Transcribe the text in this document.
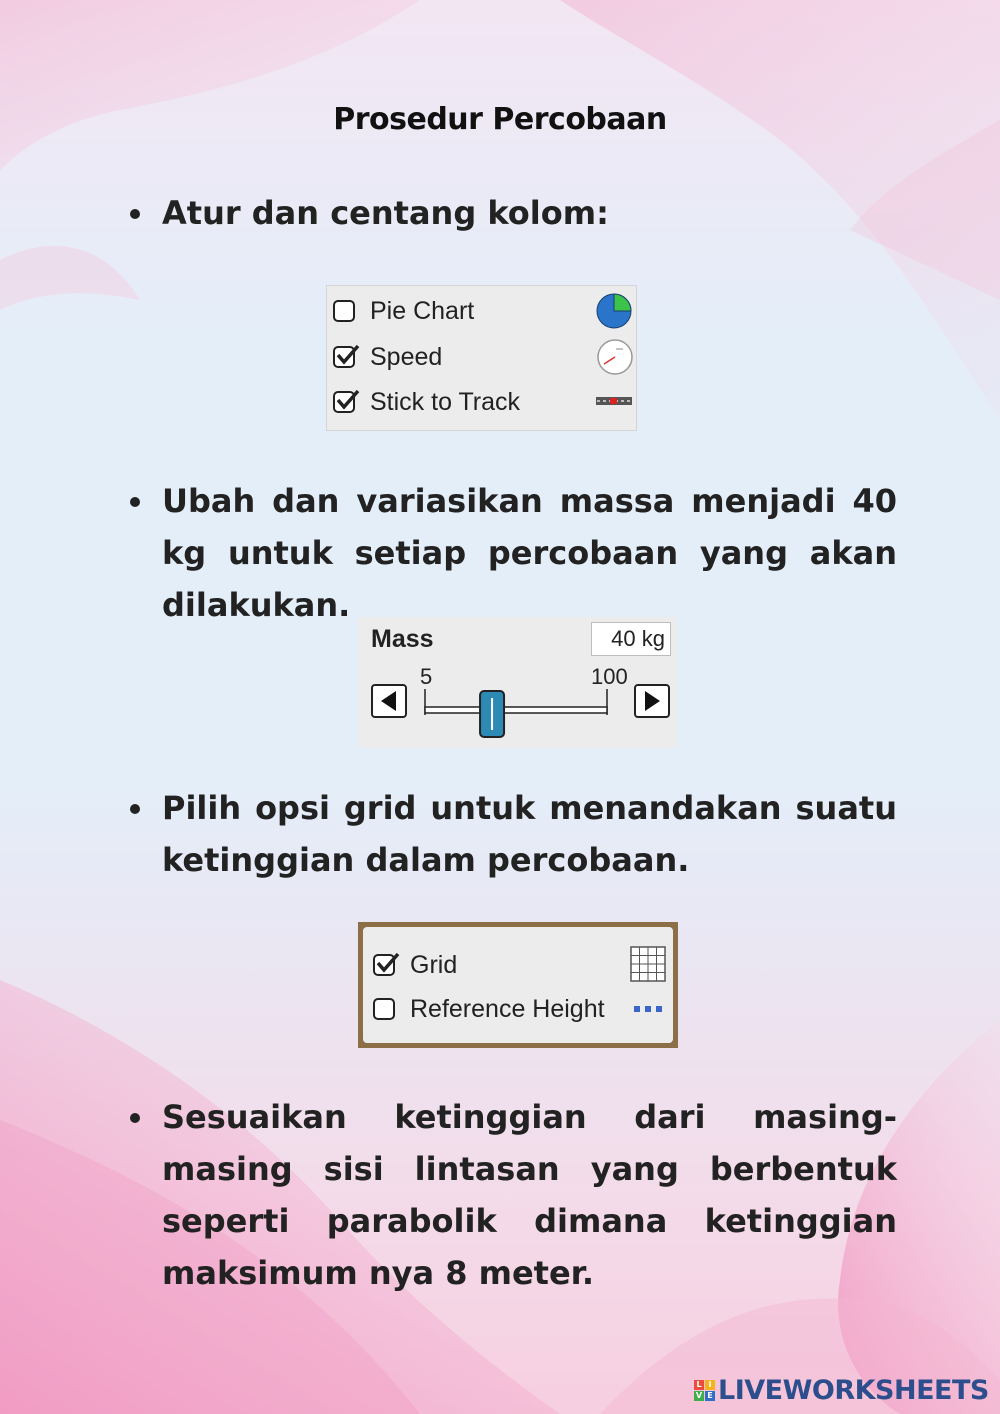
Prosedur Percobaan
Atur dan centang kolom:
Pie Chart
Speed
Stick to Track
Ubah dan variasikan massa menjadi 40 kg untuk setiap percobaan yang akan dilakukan.
Mass	40 kg
5	100
Pilih opsi grid untuk menandakan suatu ketinggian dalam percobaan.
Grid
Reference Height
Sesuaikan ketinggian dari masing-masing sisi lintasan yang berbentuk seperti parabolik dimana ketinggian maksimum nya 8 meter.
L I
V E LIVEWORKSHEETS
